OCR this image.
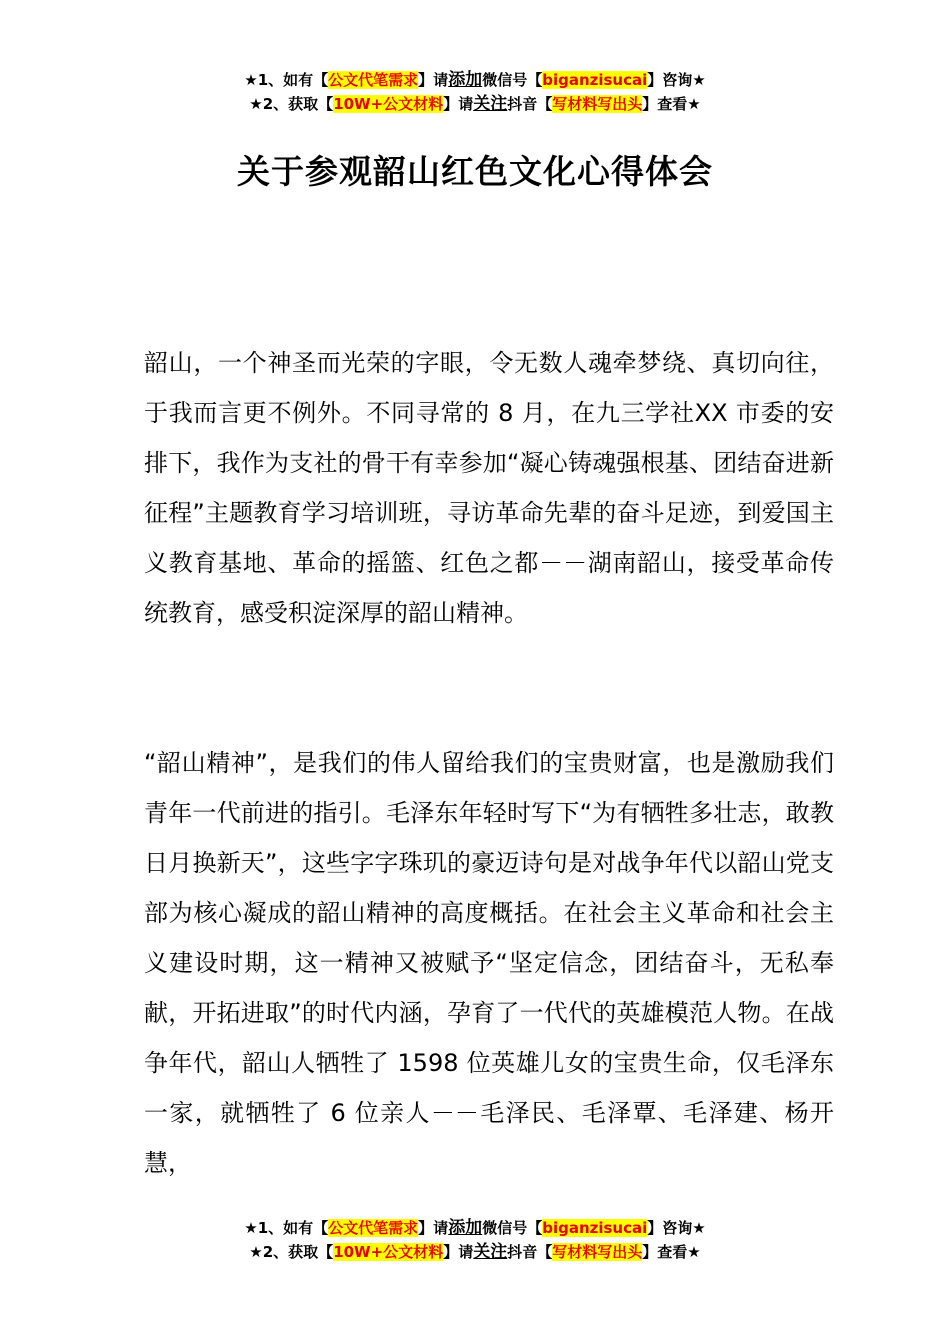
★1、如有【公文代笔需求】请添加微信号【biganzisucai】咨询★
★2、获取【10W+公文材料】请关注抖音【写材料写出头】查看★
关于参观韶山红色文化心得体会

韶山，一个神圣而光荣的字眼，令无数人魂牵梦绕、真切向往，于我而言更不例外。不同寻常的 8 月，在九三学社XX 市委的安排下，我作为支社的骨干有幸参加“凝心铸魂强根基、团结奋进新征程”主题教育学习培训班，寻访革命先辈的奋斗足迹，到爱国主义教育基地、革命的摇篮、红色之都－－湖南韶山，接受革命传统教育，感受积淀深厚的韶山精神。

“韶山精神”，是我们的伟人留给我们的宝贵财富，也是激励我们青年一代前进的指引。毛泽东年轻时写下“为有牺牲多壮志，敢教日月换新天”，这些字字珠玑的豪迈诗句是对战争年代以韶山党支部为核心凝成的韶山精神的高度概括。在社会主义革命和社会主义建设时期，这一精神又被赋予“坚定信念，团结奋斗，无私奉献，开拓进取”的时代内涵，孕育了一代代的英雄模范人物。在战争年代，韶山人牺牲了 1598 位英雄儿女的宝贵生命，仅毛泽东一家，就牺牲了 6 位亲人－－毛泽民、毛泽覃、毛泽建、杨开慧，

★1、如有【公文代笔需求】请添加微信号【biganzisucai】咨询★
★2、获取【10W+公文材料】请关注抖音【写材料写出头】查看★
